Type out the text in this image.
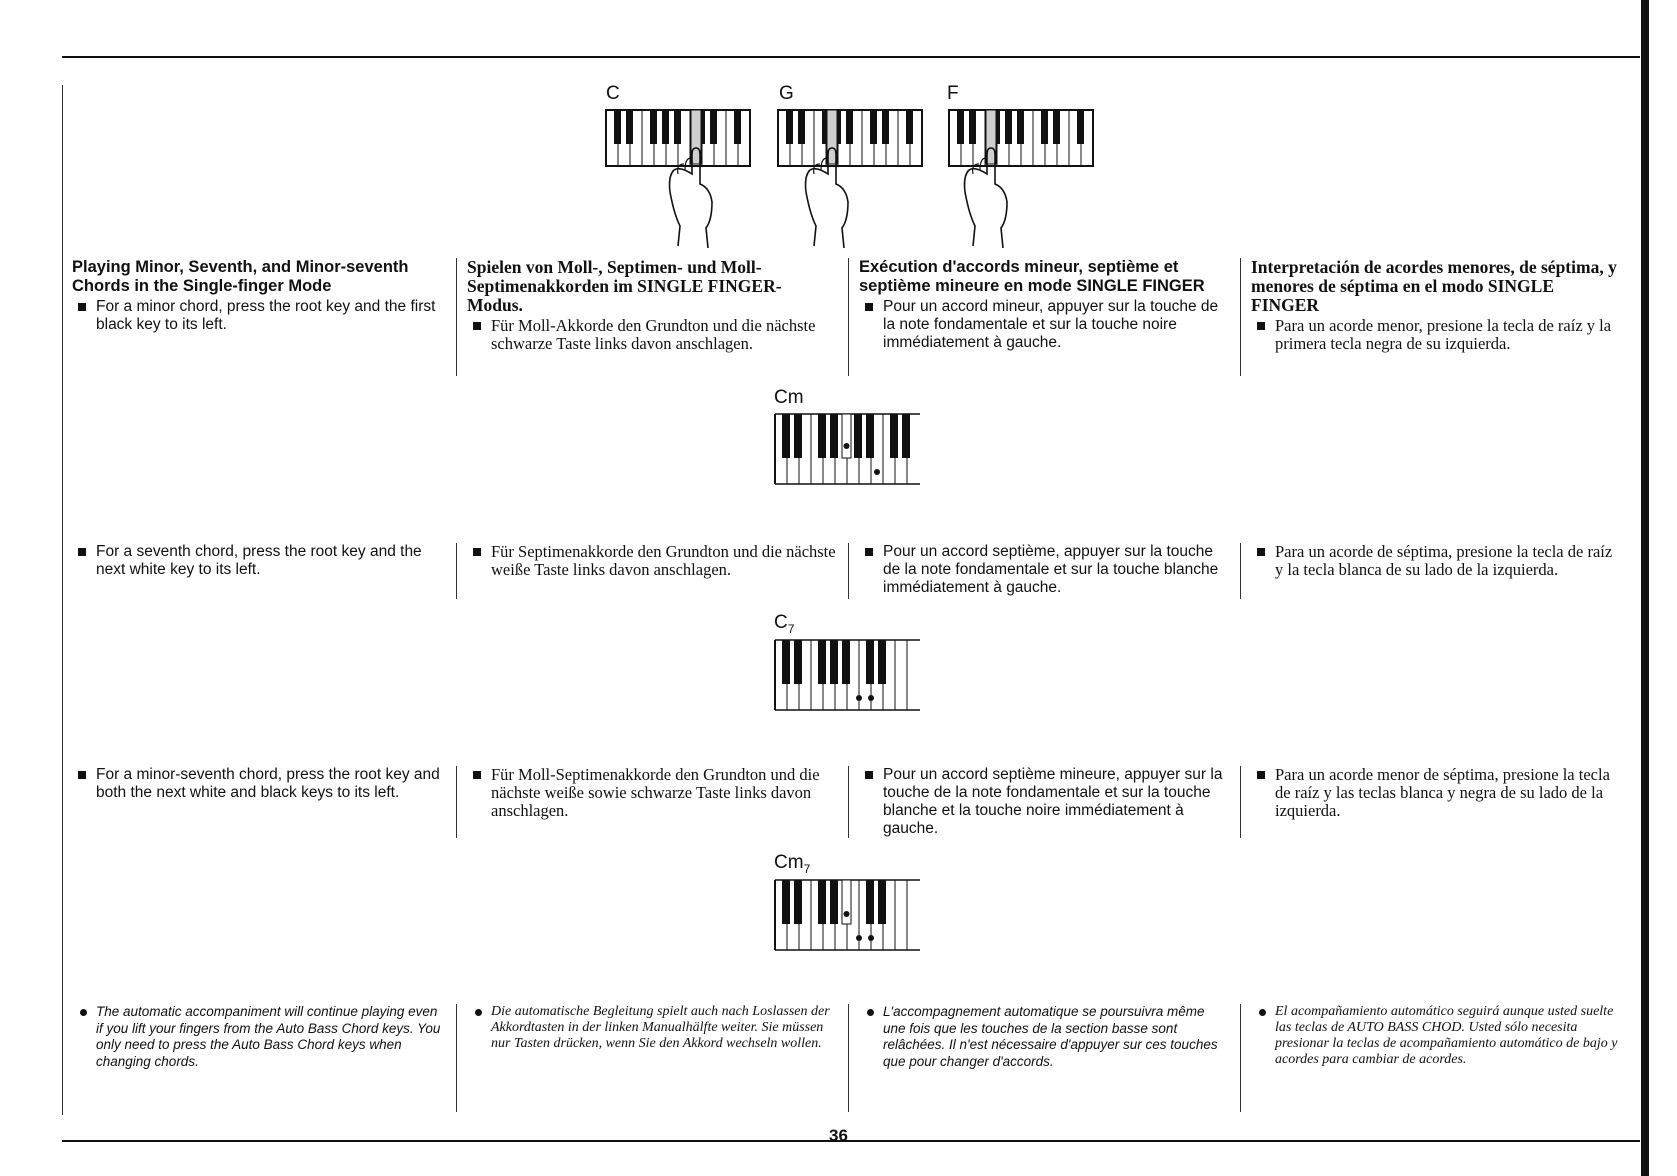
C	G	F
Playing Minor, Seventh, and Minor-seventh Chords in the Single-finger Mode

For a minor chord, press the root key and the first black key to its left.

Spielen von Moll-, Septimen- und Moll-Septimenakkorden im SINGLE FINGER-Modus.

Für Moll-Akkorde den Grundton und die nächste schwarze Taste links davon anschlagen.

Exécution d'accords mineur, septième et septième mineure en mode SINGLE FINGER

Pour un accord mineur, appuyer sur la touche de la note fondamentale et sur la touche noire immédiatement à gauche.

Interpretación de acordes menores, de séptima, y menores de séptima en el modo SINGLE FINGER

Para un acorde menor, presione la tecla de raíz y la primera tecla negra de su izquierda.

Cm

For a seventh chord, press the root key and the next white key to its left.

Für Septimenakkorde den Grundton und die nächste weiße Taste links davon anschlagen.

Pour un accord septième, appuyer sur la touche de la note fondamentale et sur la touche blanche immédiatement à gauche.

Para un acorde de séptima, presione la tecla de raíz y la tecla blanca de su lado de la izquierda.

$C_7$

For a minor-seventh chord, press the root key and both the next white and black keys to its left.

Für Moll-Septimenakkorde den Grundton und die nächste weiße sowie schwarze Taste links davon anschlagen.

Pour un accord septième mineure, appuyer sur la touche de la note fondamentale et sur la touche blanche et la touche noire immédiatement à gauche.

Para un acorde menor de séptima, presione la tecla de raíz y las teclas blanca y negra de su lado de la izquierda.

$Cm_7$

The automatic accompaniment will continue playing even if you lift your fingers from the Auto Bass Chord keys. You only need to press the Auto Bass Chord keys when changing chords.

Die automatische Begleitung spielt auch nach Loslassen der Akkordtasten in der linken Manualhälfte weiter. Sie müssen nur Tasten drücken, wenn Sie den Akkord wechseln wollen.

L'accompagnement automatique se poursuivra même une fois que les touches de la section basse sont relâchées. Il n'est nécessaire d'appuyer sur ces touches que pour changer d'accords.

El acompañamiento automático seguirá aunque usted suelte las teclas de AUTO BASS CHOD. Usted sólo necesita presionar la teclas de acompañamiento automático de bajo y acordes para cambiar de acordes.

36
